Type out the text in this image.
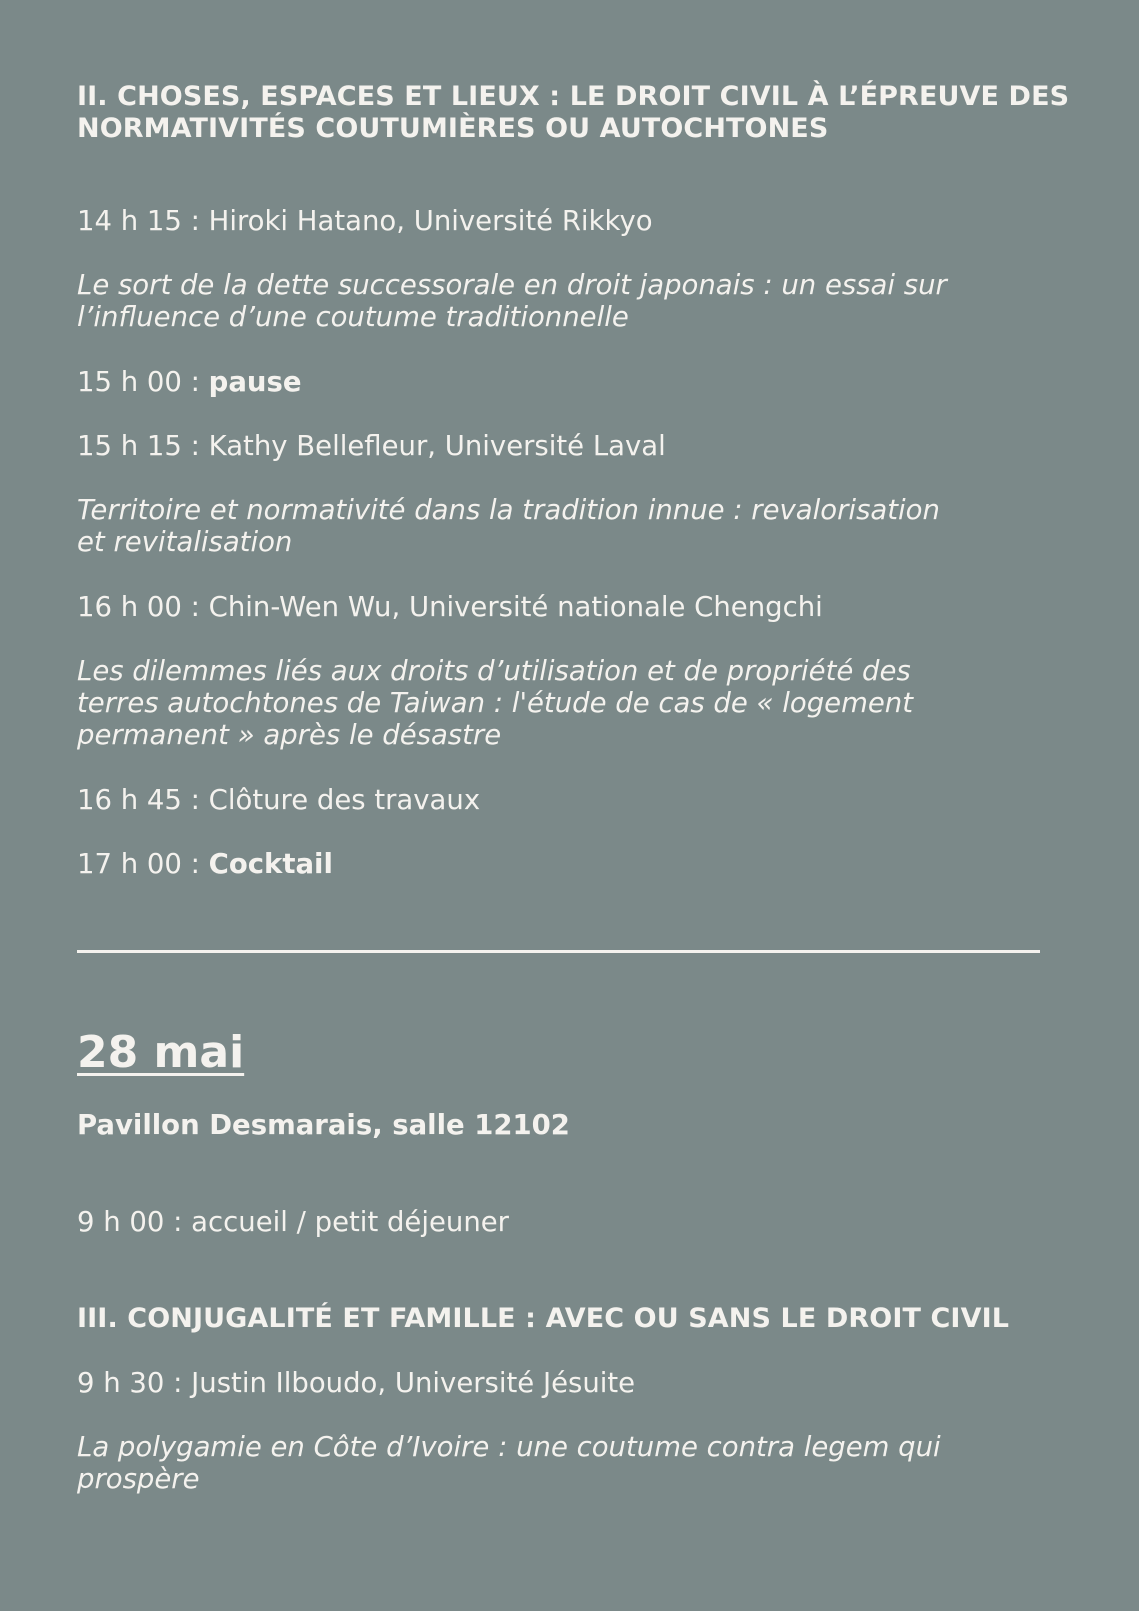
II. CHOSES, ESPACES ET LIEUX : LE DROIT CIVIL À L’ÉPREUVE DES
NORMATIVITÉS COUTUMIÈRES OU AUTOCHTONES
14 h 15 : Hiroki Hatano, Université Rikkyo
Le sort de la dette successorale en droit japonais : un essai sur
l’influence d’une coutume traditionnelle
15 h 00 : pause
15 h 15 : Kathy Bellefleur, Université Laval
Territoire et normativité dans la tradition innue : revalorisation
et revitalisation
16 h 00 : Chin-Wen Wu, Université nationale Chengchi
Les dilemmes liés aux droits d’utilisation et de propriété des
terres autochtones de Taiwan : l'étude de cas de « logement
permanent » après le désastre
16 h 45 : Clôture des travaux
17 h 00 : Cocktail
28 mai
Pavillon Desmarais, salle 12102
9 h 00 : accueil / petit déjeuner
III. CONJUGALITÉ ET FAMILLE : AVEC OU SANS LE DROIT CIVIL
9 h 30 : Justin Ilboudo, Université Jésuite
La polygamie en Côte d’Ivoire : une coutume contra legem qui
prospère
